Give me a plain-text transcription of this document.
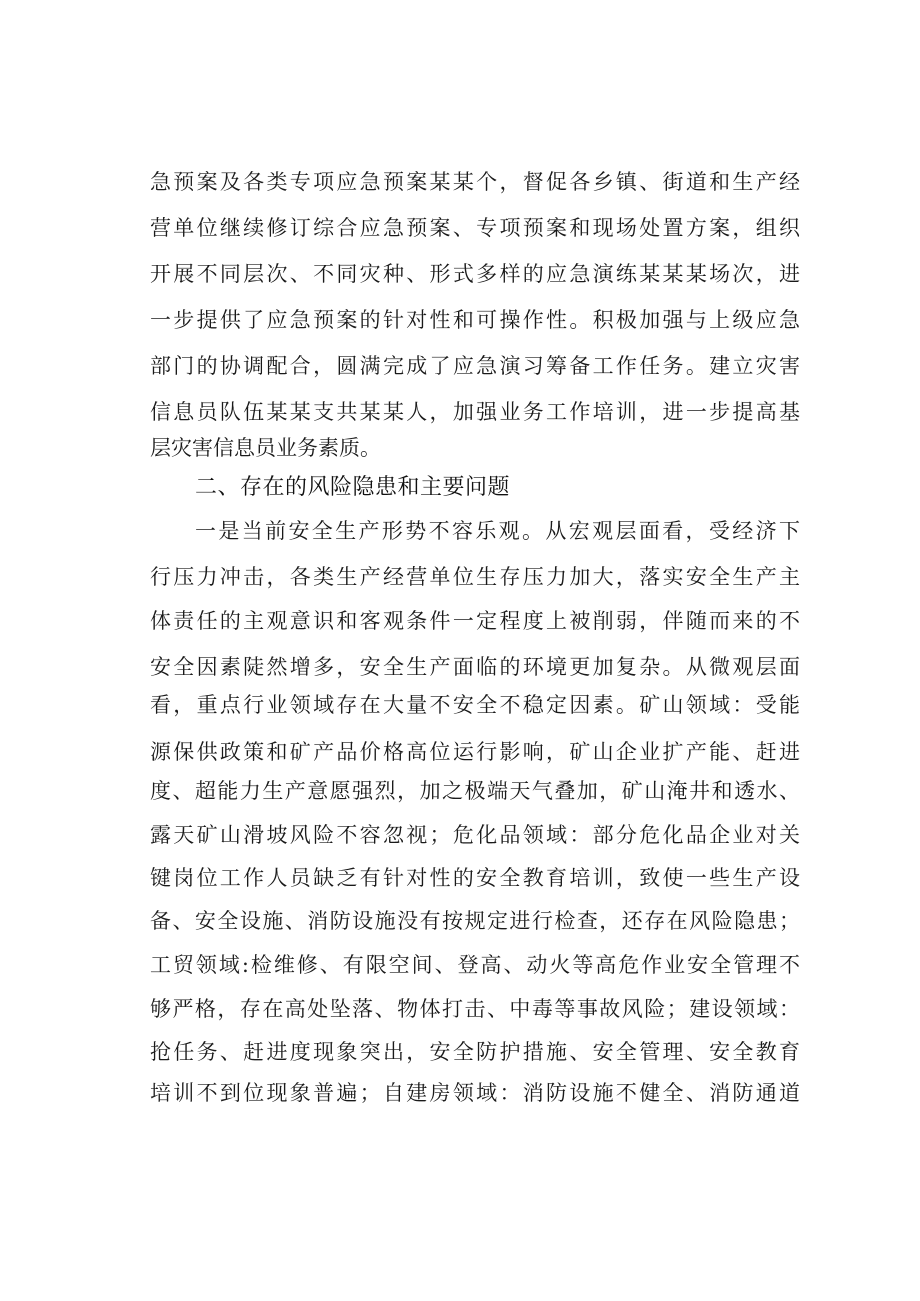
急预案及各类专项应急预案某某个，督促各乡镇、街道和生产经
营单位继续修订综合应急预案、专项预案和现场处置方案，组织
开展不同层次、不同灾种、形式多样的应急演练某某某场次，进
一步提供了应急预案的针对性和可操作性。积极加强与上级应急
部门的协调配合，圆满完成了应急演习筹备工作任务。建立灾害
信息员队伍某某支共某某人，加强业务工作培训，进一步提高基
层灾害信息员业务素质。
二、存在的风险隐患和主要问题
一是当前安全生产形势不容乐观。从宏观层面看，受经济下
行压力冲击，各类生产经营单位生存压力加大，落实安全生产主
体责任的主观意识和客观条件一定程度上被削弱，伴随而来的不
安全因素陡然增多，安全生产面临的环境更加复杂。从微观层面
看，重点行业领域存在大量不安全不稳定因素。矿山领域：受能
源保供政策和矿产品价格高位运行影响，矿山企业扩产能、赶进
度、超能力生产意愿强烈，加之极端天气叠加，矿山淹井和透水、
露天矿山滑坡风险不容忽视；危化品领域：部分危化品企业对关
键岗位工作人员缺乏有针对性的安全教育培训，致使一些生产设
备、安全设施、消防设施没有按规定进行检查，还存在风险隐患；
工贸领域:检维修、有限空间、登高、动火等高危作业安全管理不
够严格，存在高处坠落、物体打击、中毒等事故风险；建设领域：
抢任务、赶进度现象突出，安全防护措施、安全管理、安全教育
培训不到位现象普遍；自建房领域：消防设施不健全、消防通道
